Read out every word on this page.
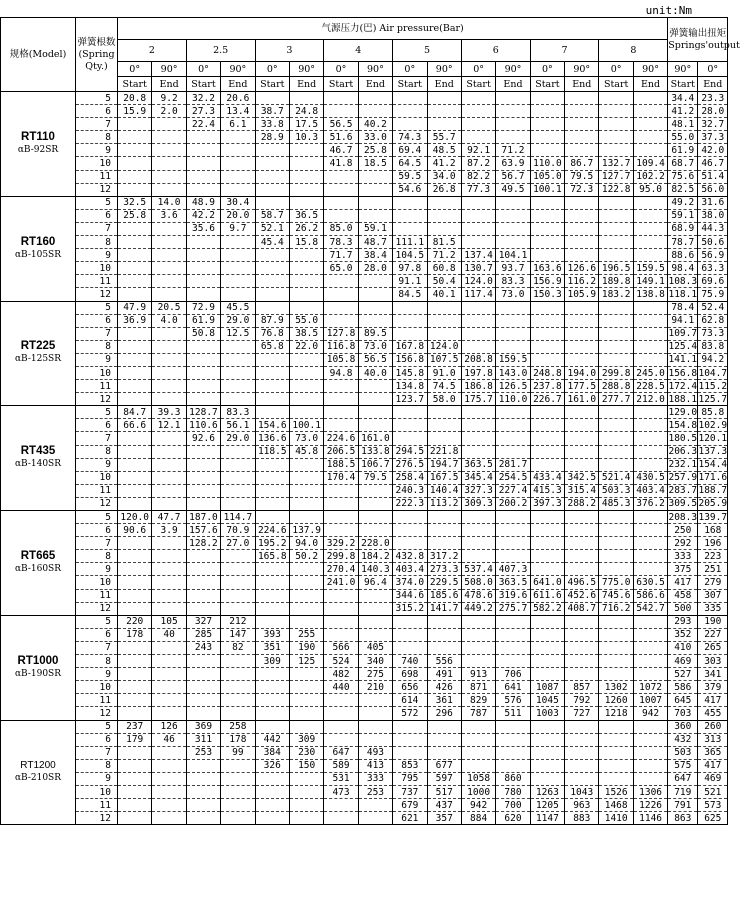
unit:Nm
规格(Model)	弹簧根数 (Spring Qty.)	气源压力(巴) Air pressure(Bar)																弹簧输出扭矩 Springs'output	
		2		2.5		3		4		5		6		7		8			
		0°	90°	0°	90°	0°	90°	0°	90°	0°	90°	0°	90°	0°	90°	0°	90°	90°	0°
		Start	End	Start	End	Start	End	Start	End	Start	End	Start	End	Start	End	Start	End	Start	End

RT110
αB-92SR	5	20.8	9.2	32.2	20.6													34.4	23.3
	6	15.9	2.0	27.3	13.4	38.7	24.8											41.2	28.0
	7			22.4	6.1	33.8	17.5	56.5	40.2									48.1	32.7
	8					28.9	10.3	51.6	33.0	74.3	55.7							55.0	37.3
	9							46.7	25.8	69.4	48.5	92.1	71.2					61.9	42.0
	10							41.8	18.5	64.5	41.2	87.2	63.9	110.0	86.7	132.7	109.4	68.7	46.7
	11									59.5	34.0	82.2	56.7	105.0	79.5	127.7	102.2	75.6	51.4
	12									54.6	26.8	77.3	49.5	100.1	72.3	122.8	95.0	82.5	56.0

RT160
αB-105SR	5	32.5	14.0	48.9	30.4													49.2	31.6
	6	25.8	3.6	42.2	20.0	58.7	36.5											59.1	38.0
	7			35.6	9.7	52.1	26.2	85.0	59.1									68.9	44.3
	8					45.4	15.8	78.3	48.7	111.1	81.5							78.7	50.6
	9							71.7	38.4	104.5	71.2	137.4	104.1					88.6	56.9
	10							65.0	28.0	97.8	60.8	130.7	93.7	163.6	126.6	196.5	159.5	98.4	63.3
	11									91.1	50.4	124.0	83.3	156.9	116.2	189.8	149.1	108.3	69.6
	12									84.5	40.1	117.4	73.0	150.3	105.9	183.2	138.8	118.1	75.9

RT225
αB-125SR	5	47.9	20.5	72.9	45.5													78.4	52.4
	6	36.9	4.0	61.9	29.0	87.9	55.0											94.1	62.8
	7			50.8	12.5	76.8	38.5	127.8	89.5									109.7	73.3
	8					65.8	22.0	116.8	73.0	167.8	124.0							125.4	83.8
	9							105.8	56.5	156.8	107.5	208.8	159.5					141.1	94.2
	10							94.8	40.0	145.8	91.0	197.8	143.0	248.8	194.0	299.8	245.0	156.8	104.7
	11									134.8	74.5	186.8	126.5	237.8	177.5	288.8	228.5	172.4	115.2
	12									123.7	58.0	175.7	110.0	226.7	161.0	277.7	212.0	188.1	125.7

RT435
αB-140SR	5	84.7	39.3	128.7	83.3													129.0	85.8
	6	66.6	12.1	110.6	56.1	154.6	100.1											154.8	102.9
	7			92.6	29.0	136.6	73.0	224.6	161.0									180.5	120.1
	8					118.5	45.8	206.5	133.8	294.5	221.8							206.3	137.3
	9							188.5	106.7	276.5	194.7	363.5	281.7					232.1	154.4
	10							170.4	79.5	258.4	167.5	345.4	254.5	433.4	342.5	521.4	430.5	257.9	171.6
	11									240.3	140.4	327.3	227.4	415.3	315.4	503.3	403.4	283.7	188.7
	12									222.3	113.2	309.3	200.2	397.3	288.2	485.3	376.2	309.5	205.9

RT665
αB-160SR	5	120.0	47.7	187.0	114.7													208.3	139.7
	6	90.6	3.9	157.6	70.9	224.6	137.9											250	168
	7			128.2	27.0	195.2	94.0	329.2	228.0									292	196
	8					165.8	50.2	299.8	184.2	432.8	317.2							333	223
	9							270.4	140.3	403.4	273.3	537.4	407.3					375	251
	10							241.0	96.4	374.0	229.5	508.0	363.5	641.0	496.5	775.0	630.5	417	279
	11									344.6	185.6	478.6	319.6	611.6	452.6	745.6	586.6	458	307
	12									315.2	141.7	449.2	275.7	582.2	408.7	716.2	542.7	500	335

RT1000
αB-190SR	5	220	105	327	212													293	190
	6	178	40	285	147	393	255											352	227
	7			243	82	351	190	566	405									410	265
	8					309	125	524	340	740	556							469	303
	9							482	275	698	491	913	706					527	341
	10							440	210	656	426	871	641	1087	857	1302	1072	586	379
	11									614	361	829	576	1045	792	1260	1007	645	417
	12									572	296	787	511	1003	727	1218	942	703	455

RT1200
αB-210SR	5	237	126	369	258													360	260
	6	179	46	311	178	442	309											432	313
	7			253	99	384	230	647	493									503	365
	8					326	150	589	413	853	677							575	417
	9							531	333	795	597	1058	860					647	469
	10							473	253	737	517	1000	780	1263	1043	1526	1306	719	521
	11									679	437	942	700	1205	963	1468	1226	791	573
	12									621	357	884	620	1147	883	1410	1146	863	625
